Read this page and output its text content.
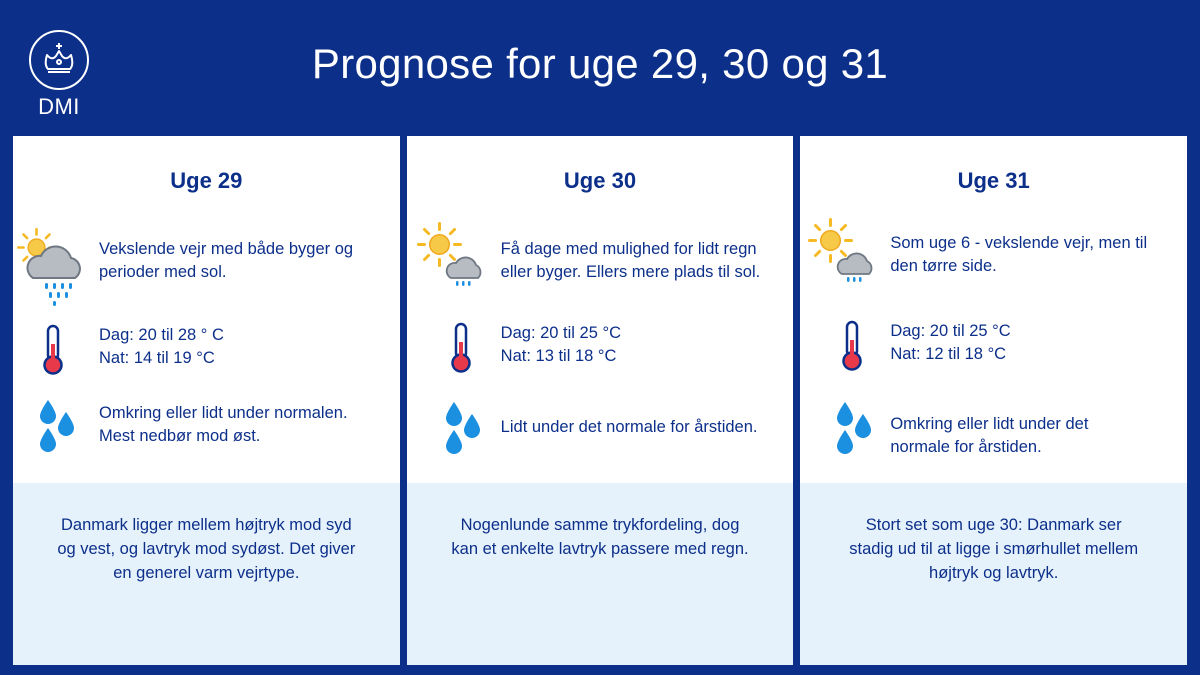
DMI
Prognose for uge 29, 30 og 31
Uge 29
Vekslende vejr med både byger og
perioder med sol.
Dag: 20 til 28 ° C
Nat: 14 til 19 °C
Omkring eller lidt under normalen.
Mest nedbør mod øst.
Danmark ligger mellem højtryk mod syd
og vest, og lavtryk mod sydøst. Det giver
en generel varm vejrtype.
Uge 30
Få dage med mulighed for lidt regn
eller byger. Ellers mere plads til sol.
Dag: 20 til 25 °C
Nat: 13 til 18 °C
Lidt under det normale for årstiden.
Nogenlunde samme trykfordeling, dog
kan et enkelte lavtryk passere med regn.
Uge 31
Som uge 6 - vekslende vejr, men til
den tørre side.
Dag: 20 til 25 °C
Nat: 12 til 18 °C
Omkring eller lidt under det
normale for årstiden.
Stort set som uge 30: Danmark ser
stadig ud til at ligge i smørhullet mellem
højtryk og lavtryk.
